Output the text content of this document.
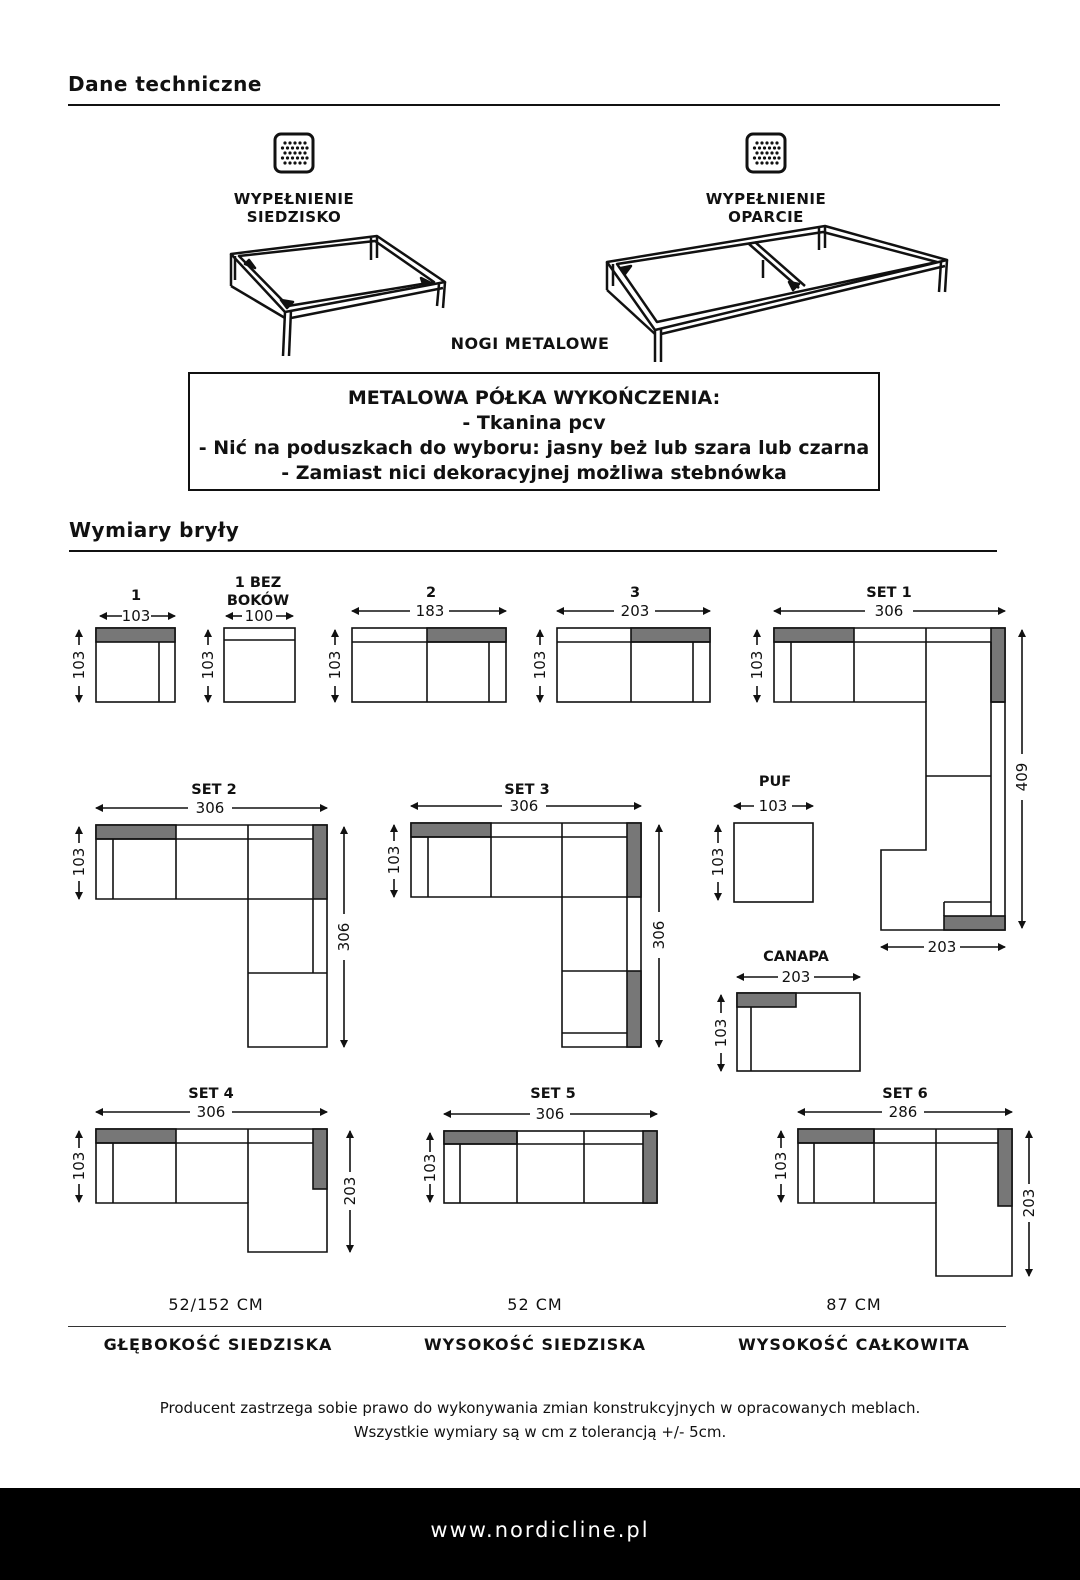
Dane techniczne
WYPEŁNIENIE
SIEDZISKO
WYPEŁNIENIE
OPARCIE
NOGI METALOWE
METALOWA PÓŁKA WYKOŃCZENIA:
- Tkanina pcv
- Nić na poduszkach do wyboru: jasny beż lub szara lub czarna
- Zamiast nici dekoracyjnej możliwa stebnówka
Wymiary bryły
1
1 BEZ
BOKÓW	2	3	SET 1
SET 2	SET 3	PUF
CANAPA
SET 4	SET 5	SET 6
103	100	183	203	306
203
306	306	103
203
306	306	286
103	103	103	103	103
409
103
306
103
306
103
103
103
203
103	103
203
52/152 CM	52 CM	87 CM
GŁĘBOKOŚĆ SIEDZISKA	WYSOKOŚĆ SIEDZISKA	WYSOKOŚĆ CAŁKOWITA
Producent zastrzega sobie prawo do wykonywania zmian konstrukcyjnych w opracowanych meblach.
Wszystkie wymiary są w cm z tolerancją +/- 5cm.
www.nordicline.pl
